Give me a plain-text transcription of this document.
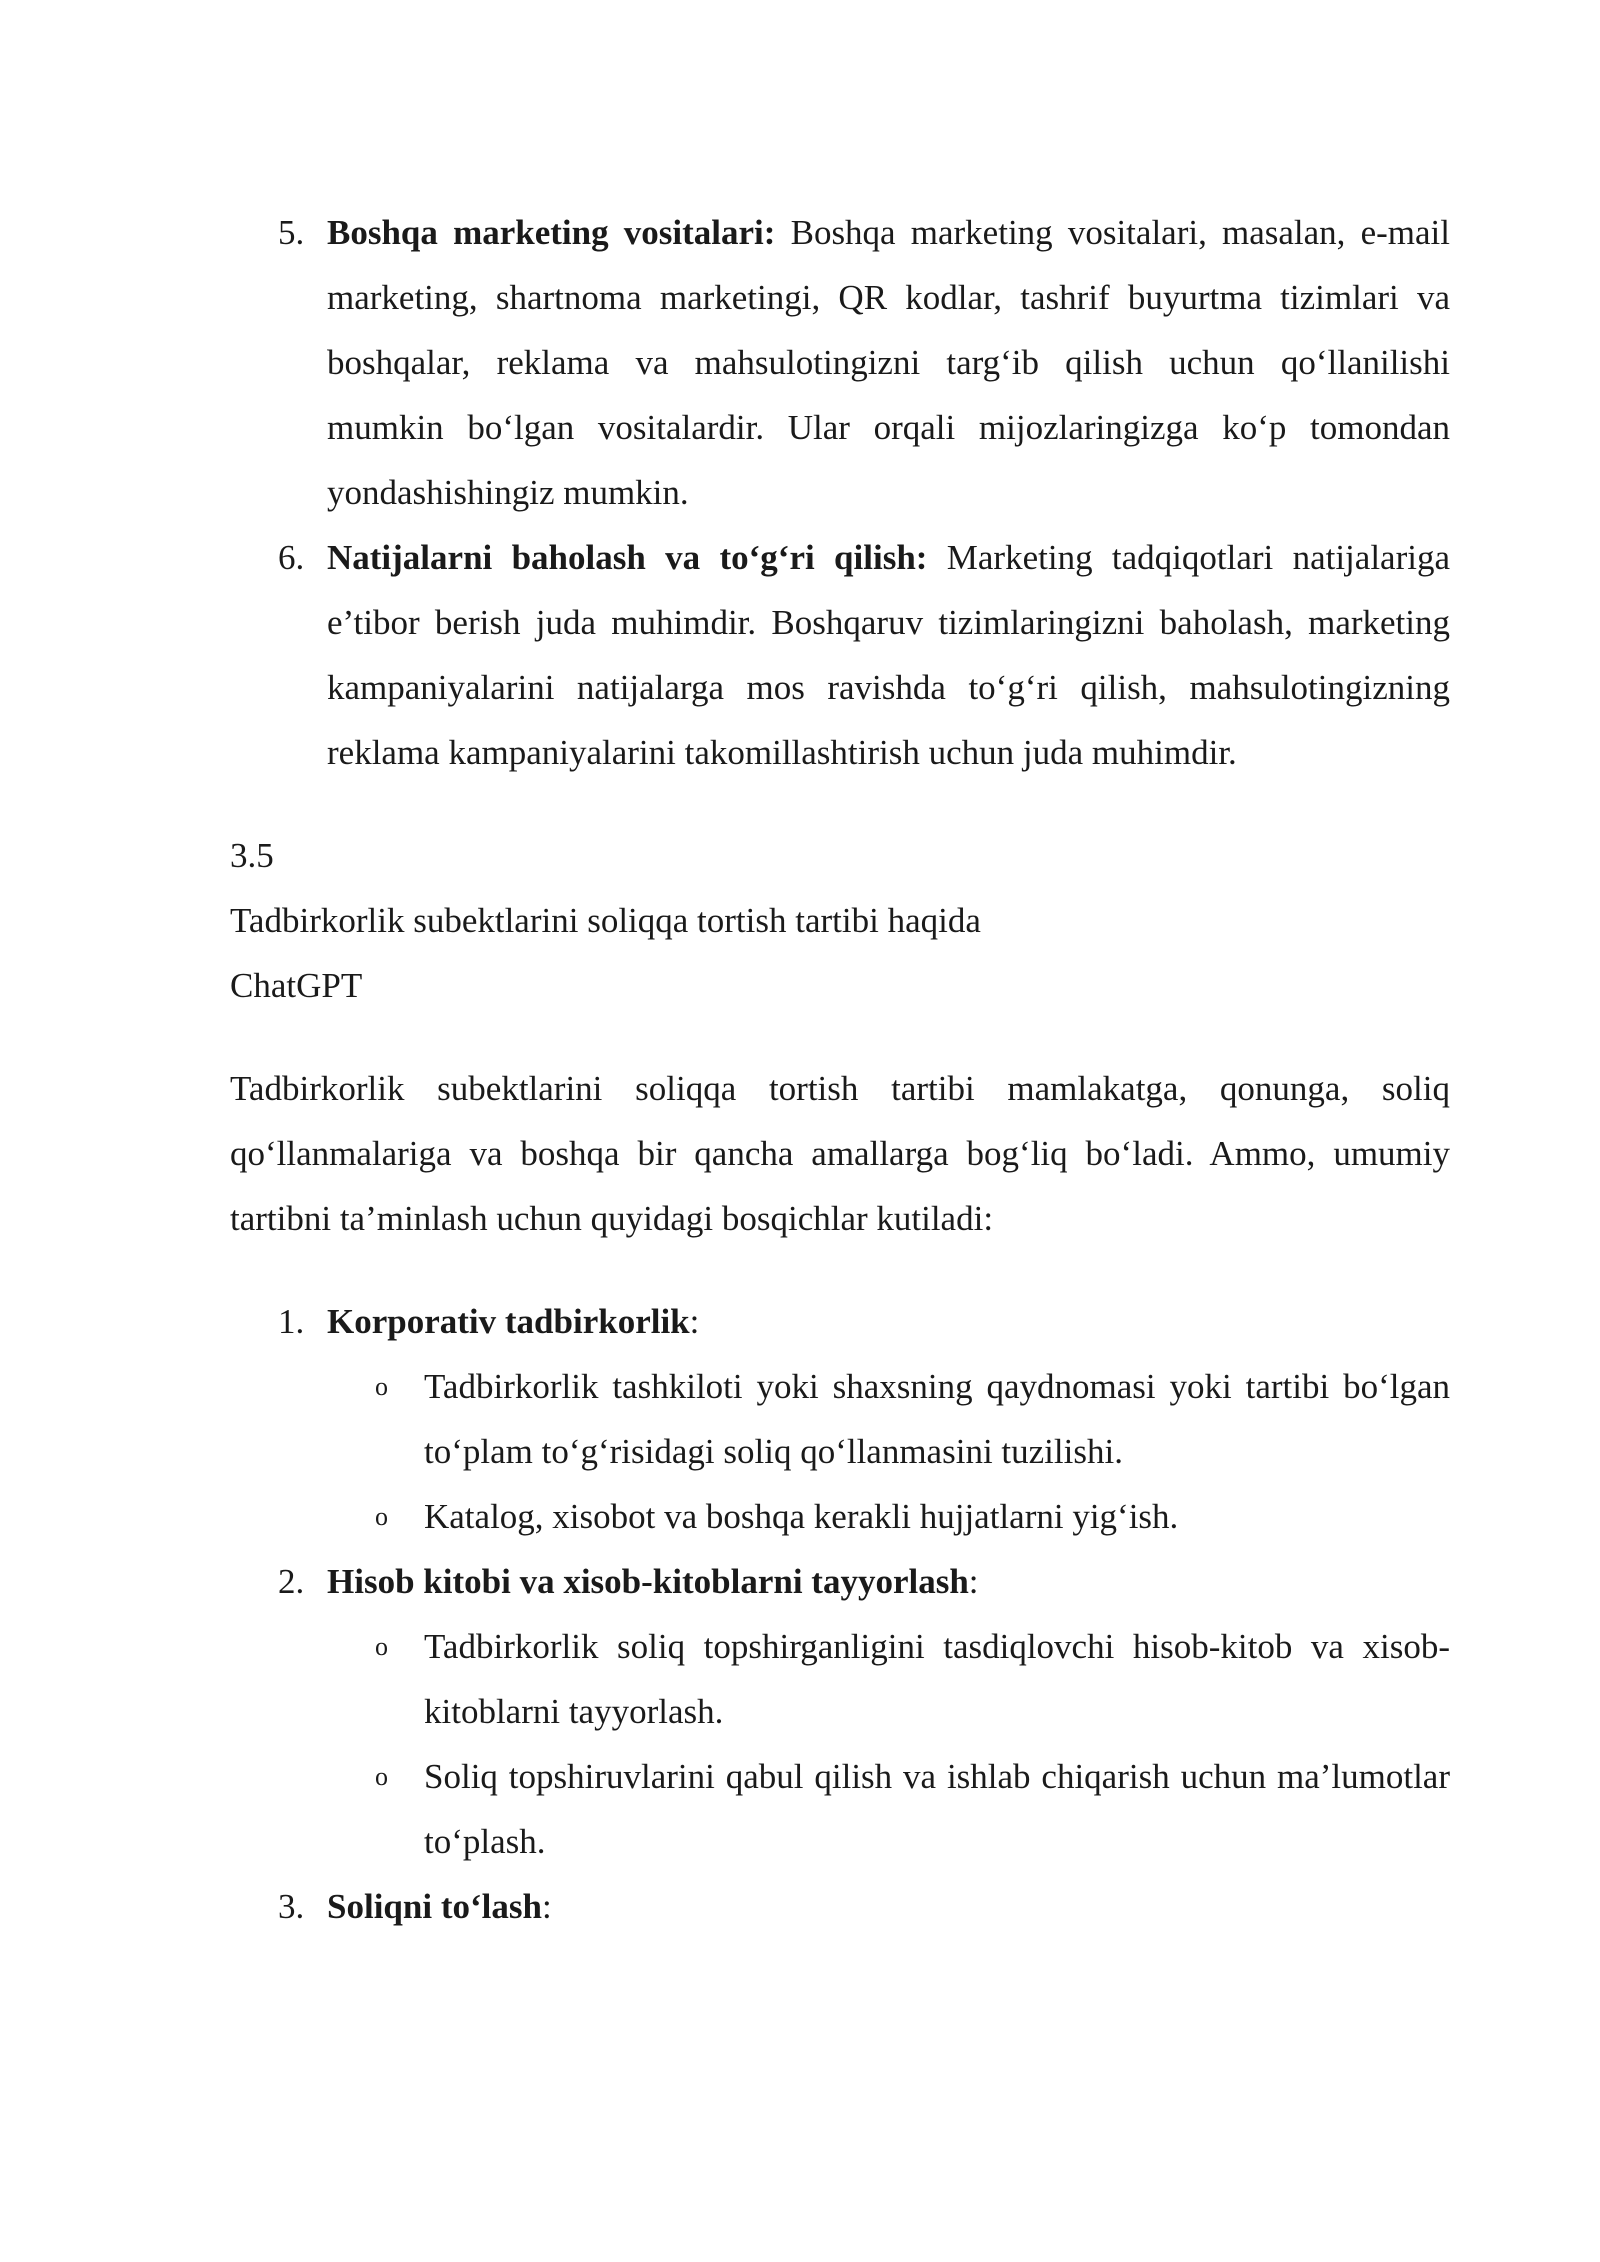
5. Boshqa marketing vositalari: Boshqa marketing vositalari, masalan, e-mail marketing, shartnoma marketingi, QR kodlar, tashrif buyurtma tizimlari va boshqalar, reklama va mahsulotingizni targ‘ib qilish uchun qo‘llanilishi mumkin bo‘lgan vositalardir. Ular orqali mijozlaringizga ko‘p tomondan yondashishingiz mumkin.
6. Natijalarni baholash va to‘g‘ri qilish: Marketing tadqiqotlari natijalariga e’tibor berish juda muhimdir. Boshqaruv tizimlaringizni baholash, marketing kampaniyalarini natijalarga mos ravishda to‘g‘ri qilish, mahsulotingizning reklama kampaniyalarini takomillashtirish uchun juda muhimdir.

3.5

Tadbirkorlik subektlarini soliqqa tortish tartibi haqida

ChatGPT

Tadbirkorlik subektlarini soliqqa tortish tartibi mamlakatga, qonunga, soliq qo‘llanmalariga va boshqa bir qancha amallarga bog‘liq bo‘ladi. Ammo, umumiy tartibni ta’minlash uchun quyidagi bosqichlar kutiladi:

1. Korporativ tadbirkorlik:
o Tadbirkorlik tashkiloti yoki shaxsning qaydnomasi yoki tartibi bo‘lgan to‘plam to‘g‘risidagi soliq qo‘llanmasini tuzilishi.
o Katalog, xisobot va boshqa kerakli hujjatlarni yig‘ish.
2. Hisob kitobi va xisob-kitoblarni tayyorlash:
o Tadbirkorlik soliq topshirganligini tasdiqlovchi hisob-kitob va xisob-kitoblarni tayyorlash.
o Soliq topshiruvlarini qabul qilish va ishlab chiqarish uchun ma’lumotlar to‘plash.
3. Soliqni to‘lash:
